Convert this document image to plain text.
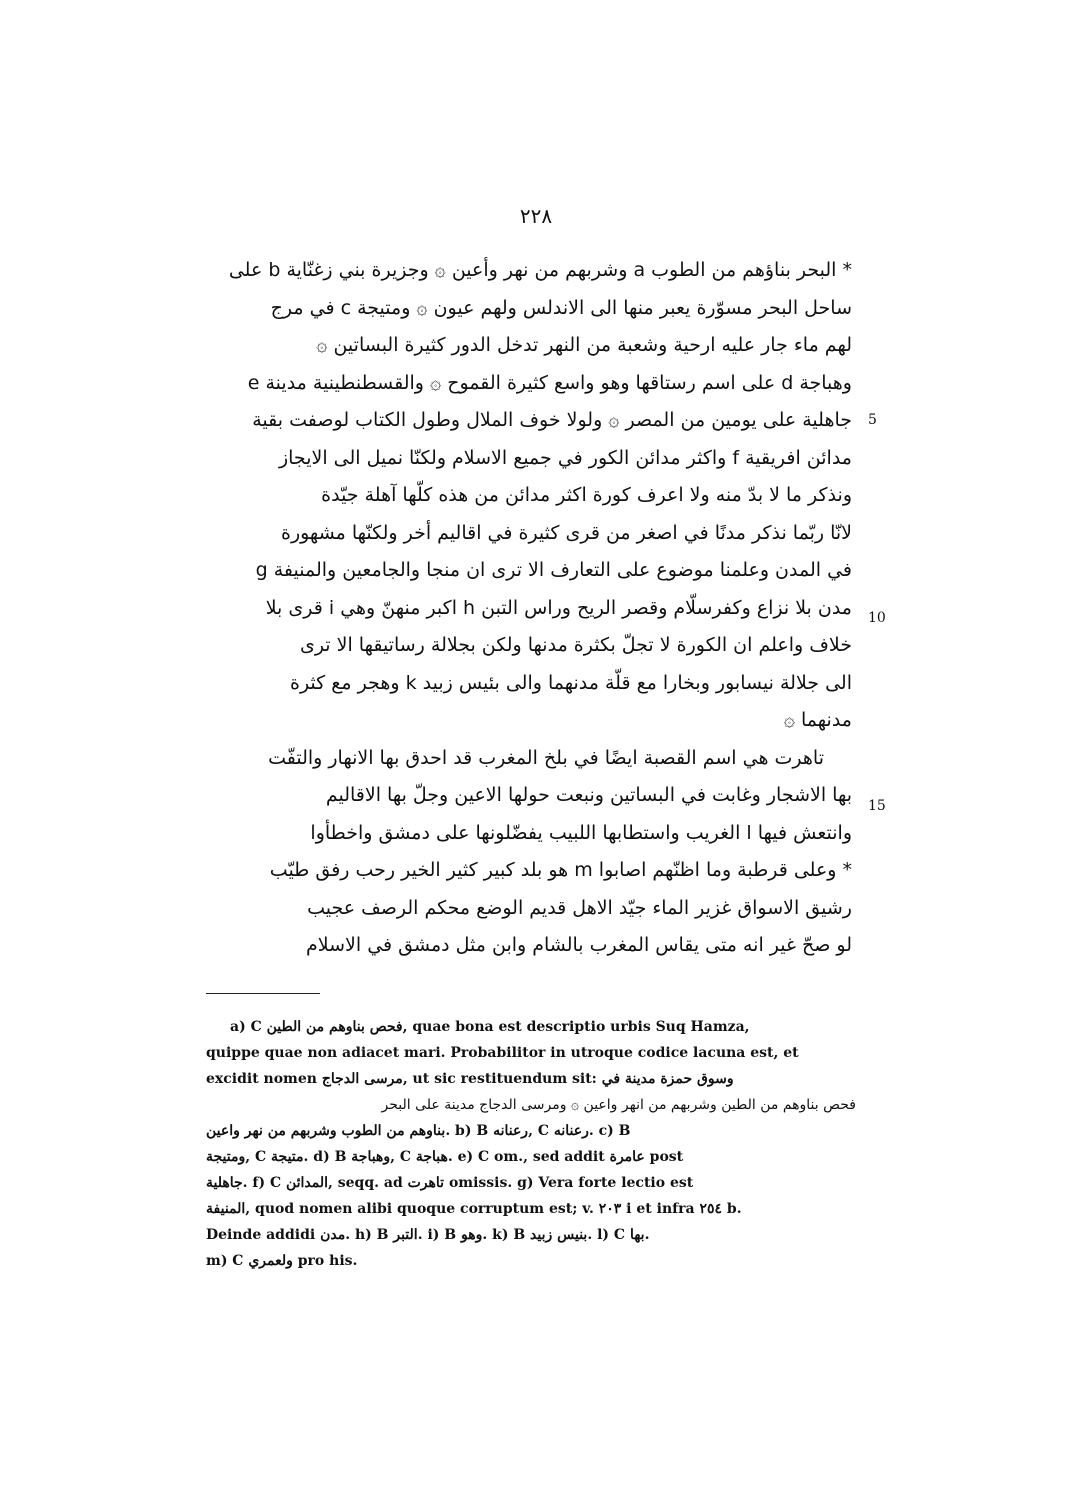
٢٢٨
5
10
15
* البحر بناؤهم من الطوب a وشربهم من نهر وأعين ۞ وجزيرة بني زغنّاية b على
ساحل البحر مسوّرة يعبر منها الى الاندلس ولهم عيون ۞ ومتيجة c في مرج
لهم ماء جار عليه ارحية وشعبة من النهر تدخل الدور كثيرة البساتين ۞
وهباجة d على اسم رستاقها وهو واسع كثيرة القموح ۞ والقسطنطينية مدينة e
جاهلية على يومين من المصر ۞ ولولا خوف الملال وطول الكتاب لوصفت بقية
مدائن افريقية f واكثر مدائن الكور في جميع الاسلام ولكنّا نميل الى الايجاز
ونذكر ما لا بدّ منه ولا اعرف كورة اكثر مدائن من هذه كلّها آهلة جيّدة
لانّا ربّما نذكر مدنًا في اصغر من قرى كثيرة في اقاليم أخر ولكنّها مشهورة
في المدن وعلمنا موضوع على التعارف الا ترى ان منجا والجامعين والمنيفة g
مدن بلا نزاع وكفرسلّام وقصر الريح وراس التبن h اكبر منهنّ وهي i قرى بلا
خلاف واعلم ان الكورة لا تجلّ بكثرة مدنها ولكن بجلالة رساتيقها الا ترى
الى جلالة نيسابور وبخارا مع قلّة مدنهما والى بئيس زبيد k وهجر مع كثرة
مدنهما ۞
تاهرت هي اسم القصبة ايضًا في بلخ المغرب قد احدق بها الانهار والتفّت
بها الاشجار وغابت في البساتين ونبعت حولها الاعين وجلّ بها الاقاليم
وانتعش فيها l الغريب واستطابها اللبيب يفضّلونها على دمشق واخطأوا
* وعلى قرطبة وما اظنّهم اصابوا m هو بلد كبير كثير الخير رحب رفق طيّب
رشيق الاسواق غزير الماء جيّد الاهل قديم الوضع محكم الرصف عجيب
لو صحّ غير انه متى يقاس المغرب بالشام وابن مثل دمشق في الاسلام
a) C فحص بناوهم من الطين, quae bona est descriptio urbis Suq Hamza,
quippe quae non adiacet mari. Probabilitor in utroque codice lacuna est, et
excidit nomen مرسى الدجاج, ut sic restituendum sit: وسوق حمزة مدينة في
فحص بناوهم من الطين وشربهم من انهر واعين ۞ ومرسى الدجاج مدينة على البحر
بناوهم من الطوب وشربهم من نهر واعين. b) B رعنانه, C رعنانه. c) B
ومتيجة, C متيجة. d) B وهباجة, C هباجة. e) C om., sed addit عامرة post
جاهلية. f) C المدائن, seqq. ad تاهرت omissis. g) Vera forte lectio est
المنيفة, quod nomen alibi quoque corruptum est; v. ٢٠٣ i et infra ٢٥٤ b.
Deinde addidi مدن. h) B التبر. i) B وهو. k) B بنيس زبيد. l) C بها.
m) C ولعمري pro his.
